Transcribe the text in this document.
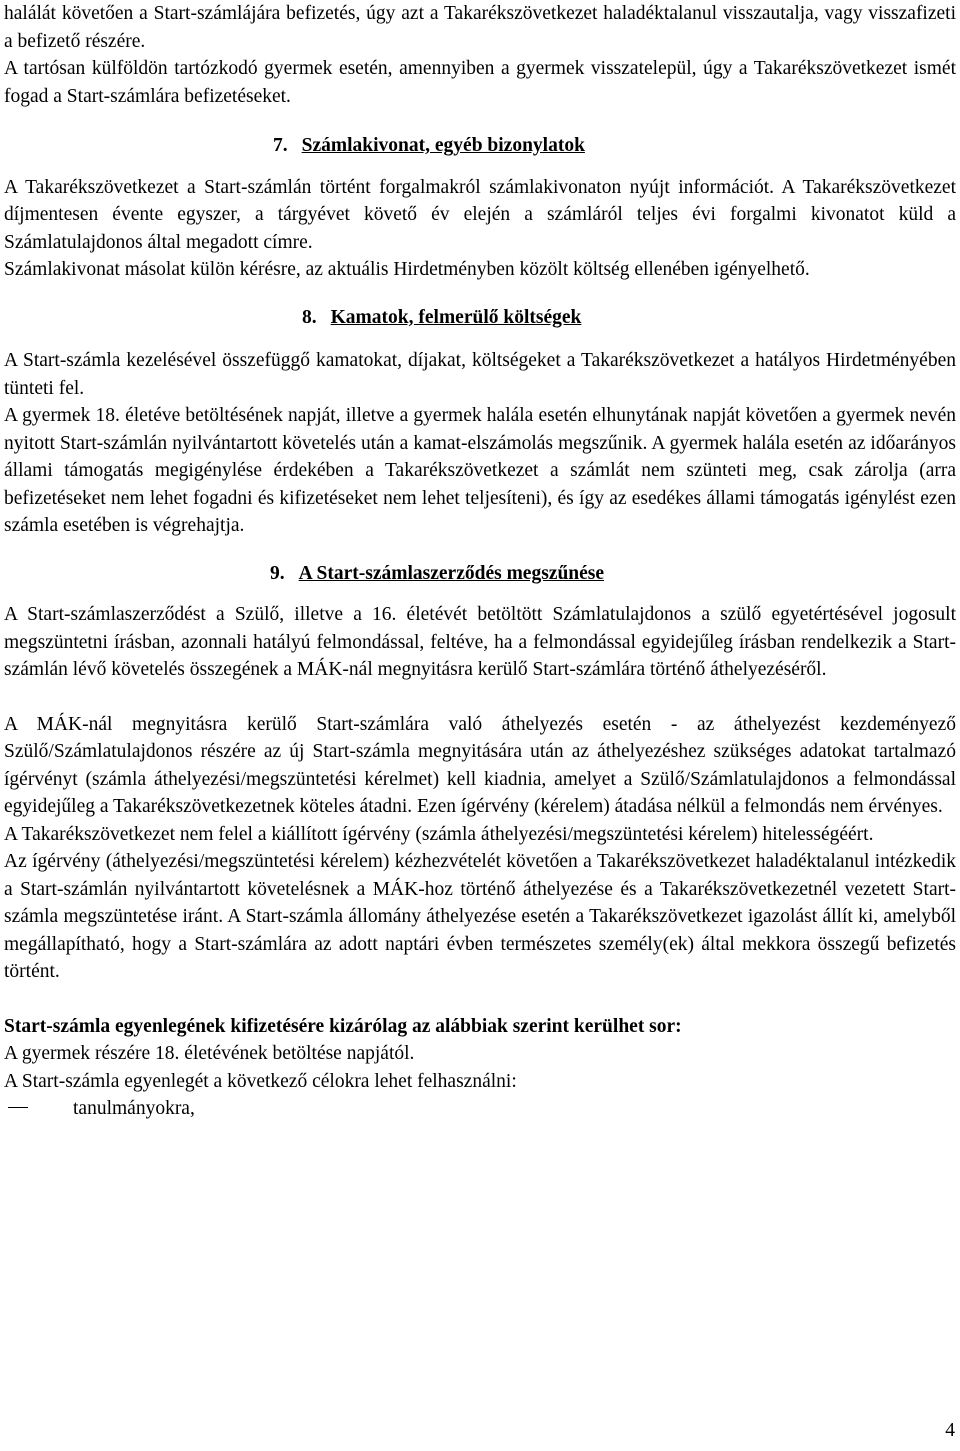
halálát követően a Start-számlájára befizetés, úgy azt a Takarékszövetkezet haladéktalanul visszautalja, vagy visszafizeti a befizető részére.

A tartósan külföldön tartózkodó gyermek esetén, amennyiben a gyermek visszatelepül, úgy a Takarékszövetkezet ismét fogad a Start-számlára befizetéseket.

7. Számlakivonat, egyéb bizonylatok

A Takarékszövetkezet a Start-számlán történt forgalmakról számlakivonaton nyújt információt. A Takarékszövetkezet díjmentesen évente egyszer, a tárgyévet követő év elején a számláról teljes évi forgalmi kivonatot küld a Számlatulajdonos által megadott címre.

Számlakivonat másolat külön kérésre, az aktuális Hirdetményben közölt költség ellenében igényelhető.

8. Kamatok, felmerülő költségek

A Start-számla kezelésével összefüggő kamatokat, díjakat, költségeket a Takarékszövetkezet a hatályos Hirdetményében tünteti fel.

A gyermek 18. életéve betöltésének napját, illetve a gyermek halála esetén elhunytának napját követően a gyermek nevén nyitott Start-számlán nyilvántartott követelés után a kamat-elszámolás megszűnik. A gyermek halála esetén az időarányos állami támogatás megigénylése érdekében a Takarékszövetkezet a számlát nem szünteti meg, csak zárolja (arra befizetéseket nem lehet fogadni és kifizetéseket nem lehet teljesíteni), és így az esedékes állami támogatás igénylést ezen számla esetében is végrehajtja.

9. A Start-számlaszerződés megszűnése

A Start-számlaszerződést a Szülő, illetve a 16. életévét betöltött Számlatulajdonos a szülő egyetértésével jogosult megszüntetni írásban, azonnali hatályú felmondással, feltéve, ha a felmondással egyidejűleg írásban rendelkezik a Start-számlán lévő követelés összegének a MÁK-nál megnyitásra kerülő Start-számlára történő áthelyezéséről.

A MÁK-nál megnyitásra kerülő Start-számlára való áthelyezés esetén - az áthelyezést kezdeményező Szülő/Számlatulajdonos részére az új Start-számla megnyitására után az áthelyezéshez szükséges adatokat tartalmazó ígérvényt (számla áthelyezési/megszüntetési kérelmet) kell kiadnia, amelyet a Szülő/Számlatulajdonos a felmondással egyidejűleg a Takarékszövetkezetnek köteles átadni. Ezen ígérvény (kérelem) átadása nélkül a felmondás nem érvényes.

A Takarékszövetkezet nem felel a kiállított ígérvény (számla áthelyezési/megszüntetési kérelem) hitelességéért.

Az ígérvény (áthelyezési/megszüntetési kérelem) kézhezvételét követően a Takarékszövetkezet haladéktalanul intézkedik a Start-számlán nyilvántartott követelésnek a MÁK-hoz történő áthelyezése és a Takarékszövetkezetnél vezetett Start-számla megszüntetése iránt. A Start-számla állomány áthelyezése esetén a Takarékszövetkezet igazolást állít ki, amelyből megállapítható, hogy a Start-számlára az adott naptári évben természetes személy(ek) által mekkora összegű befizetés történt.

Start-számla egyenlegének kifizetésére kizárólag az alábbiak szerint kerülhet sor:

A gyermek részére 18. életévének betöltése napjától.

A Start-számla egyenlegét a következő célokra lehet felhasználni:

tanulmányokra,
4
